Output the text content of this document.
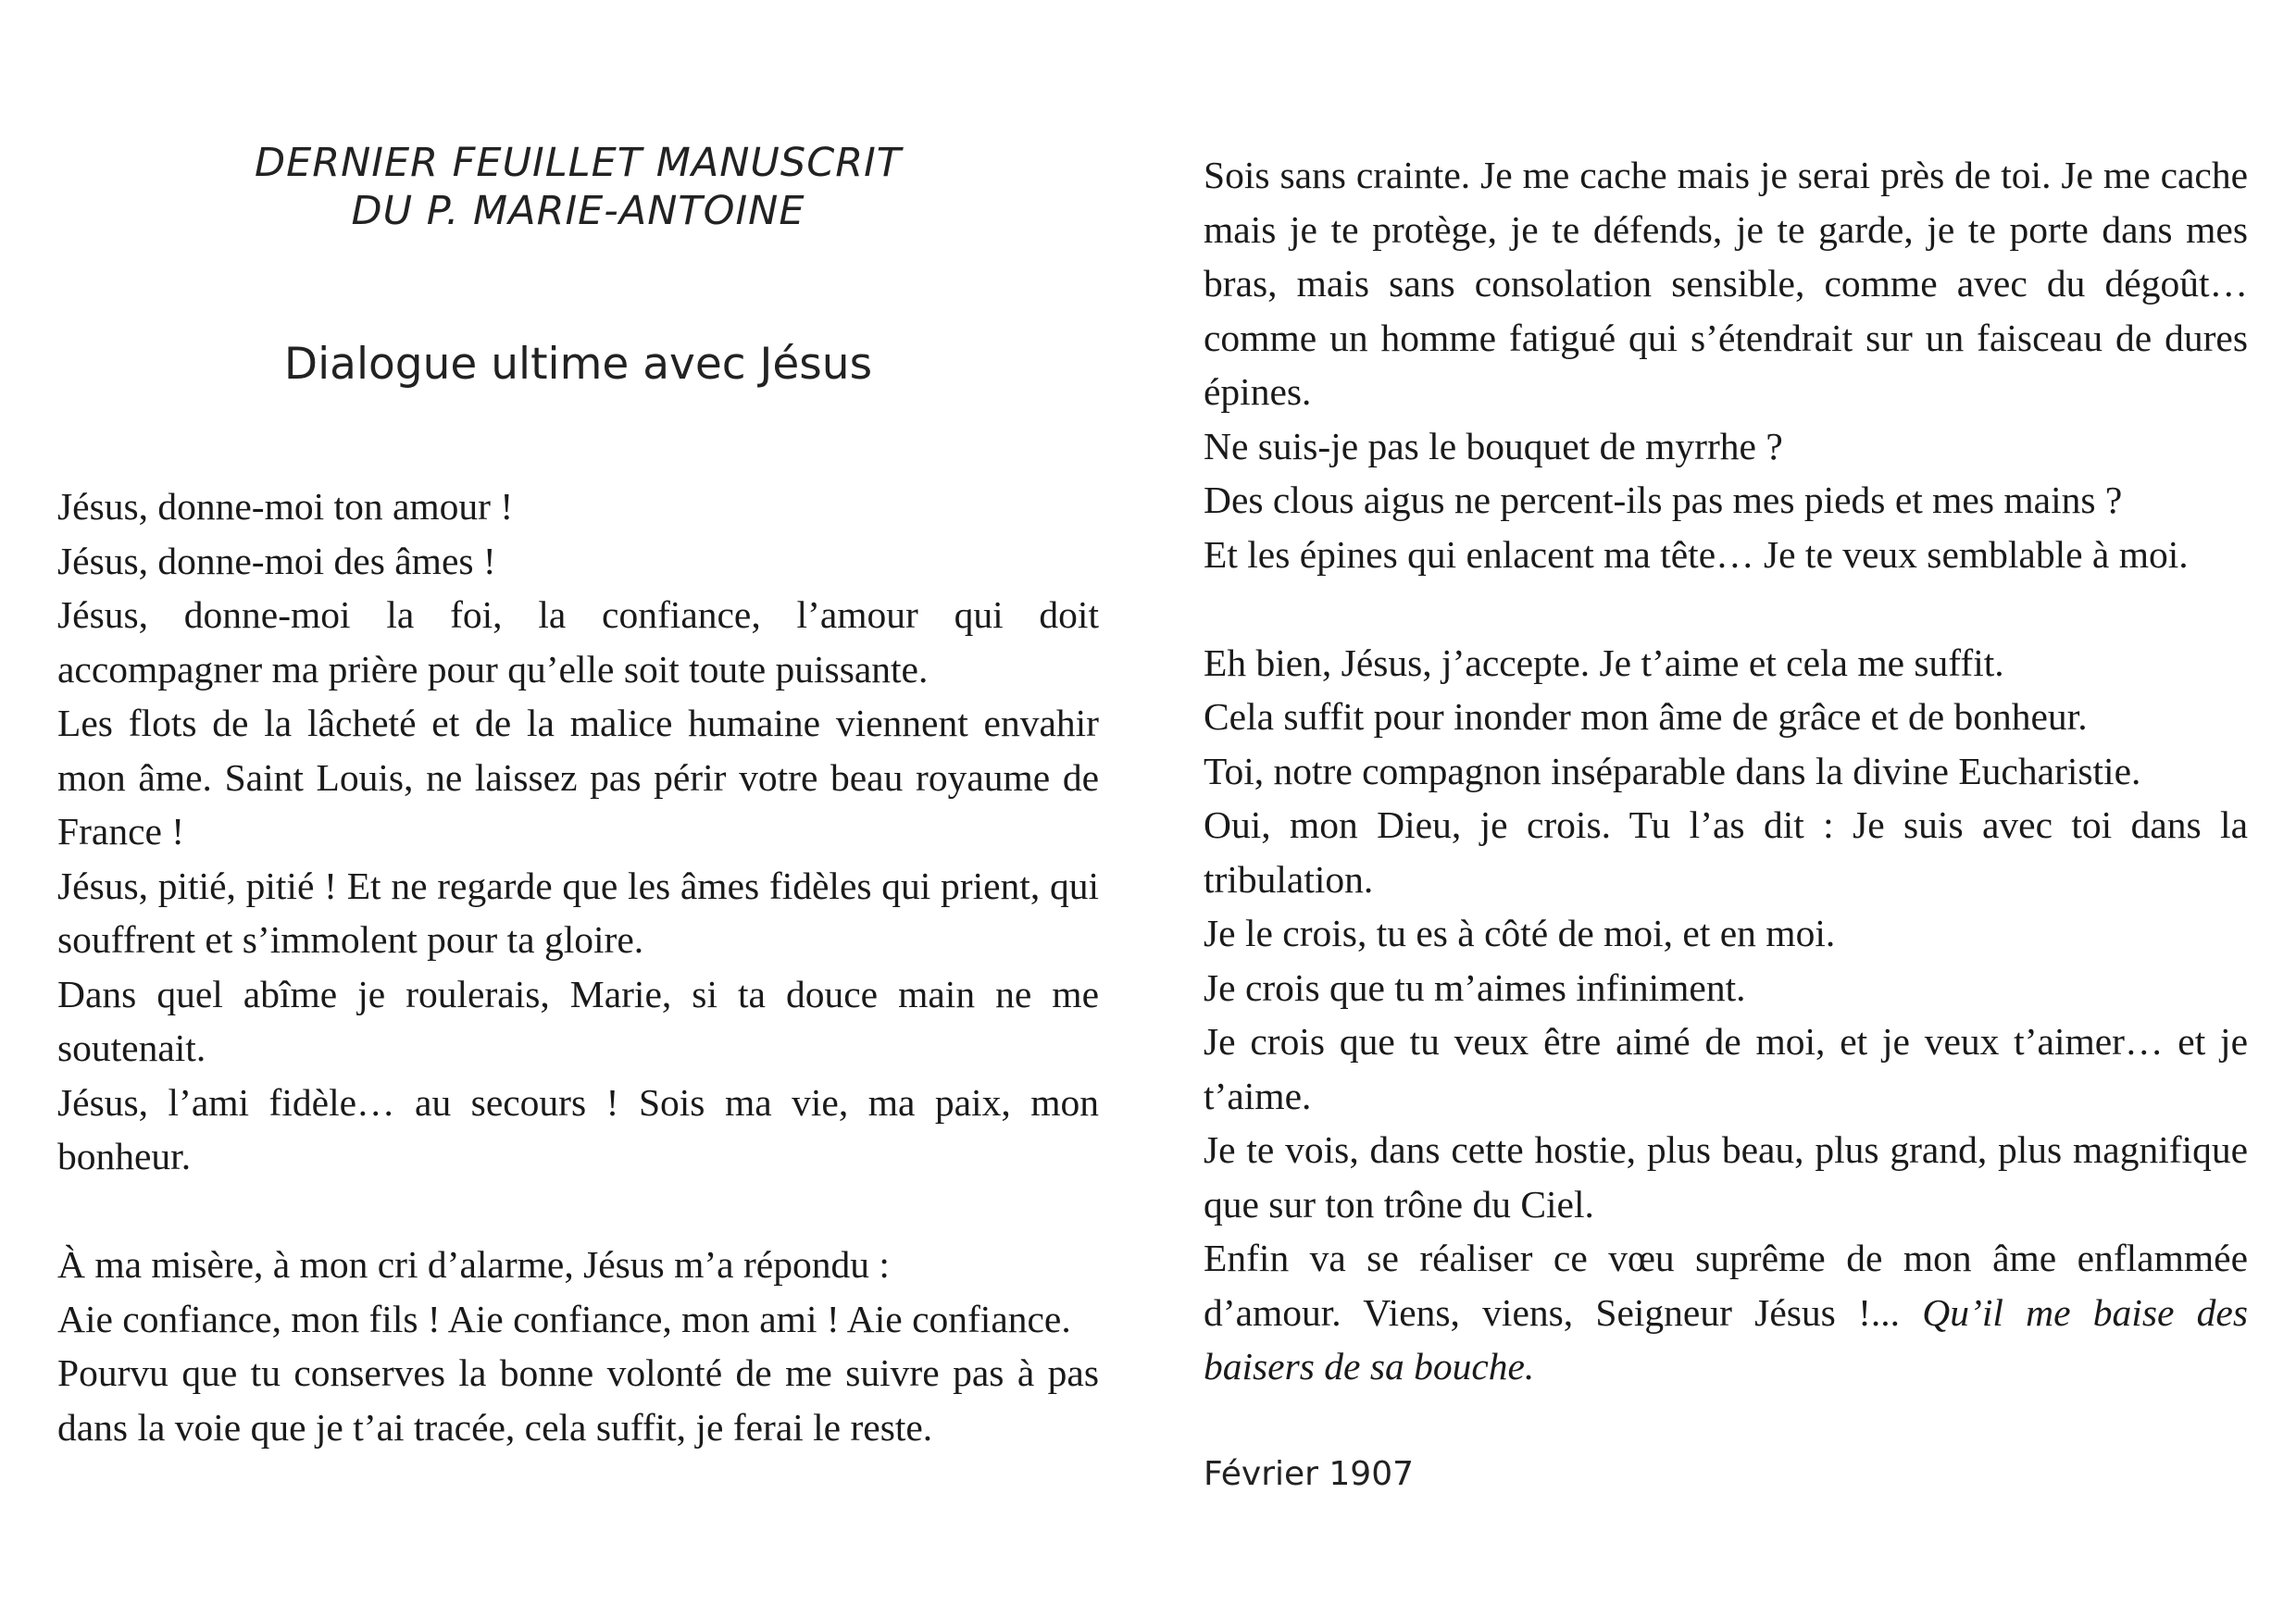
DERNIER FEUILLET MANUSCRIT
DU P. MARIE-ANTOINE
Dialogue ultime avec Jésus

Jésus, donne-moi ton amour !

Jésus, donne-moi des âmes !

Jésus, donne-moi la foi, la confiance, l’amour qui doit accompagner ma prière pour qu’elle soit toute puissante.

Les flots de la lâcheté et de la malice humaine viennent envahir mon âme. Saint Louis, ne laissez pas périr votre beau royaume de France !

Jésus, pitié, pitié ! Et ne regarde que les âmes fidèles qui prient, qui souffrent et s’immolent pour ta gloire.

Dans quel abîme je roulerais, Marie, si ta douce main ne me soutenait.

Jésus, l’ami fidèle… au secours ! Sois ma vie, ma paix, mon bonheur.

À ma misère, à mon cri d’alarme, Jésus m’a répondu :

Aie confiance, mon fils ! Aie confiance, mon ami ! Aie confiance.

Pourvu que tu conserves la bonne volonté de me suivre pas à pas dans la voie que je t’ai tracée, cela suffit, je ferai le reste.

Sois sans crainte. Je me cache mais je serai près de toi. Je me cache mais je te protège, je te défends, je te garde, je te porte dans mes bras, mais sans consolation sensible, comme avec du dégoût… comme un homme fatigué qui s’étendrait sur un faisceau de dures épines.

Ne suis-je pas le bouquet de myrrhe ?

Des clous aigus ne percent-ils pas mes pieds et mes mains ?

Et les épines qui enlacent ma tête… Je te veux semblable à moi.

Eh bien, Jésus, j’accepte. Je t’aime et cela me suffit.

Cela suffit pour inonder mon âme de grâce et de bonheur.

Toi, notre compagnon inséparable dans la divine Eucharistie.

Oui, mon Dieu, je crois. Tu l’as dit : Je suis avec toi dans la tribulation.

Je le crois, tu es à côté de moi, et en moi.

Je crois que tu m’aimes infiniment.

Je crois que tu veux être aimé de moi, et je veux t’aimer… et je t’aime.

Je te vois, dans cette hostie, plus beau, plus grand, plus magnifique que sur ton trône du Ciel.

Enfin va se réaliser ce vœu suprême de mon âme enflammée d’amour. Viens, viens, Seigneur Jésus !... Qu’il me baise des baisers de sa bouche.

Février 1907
